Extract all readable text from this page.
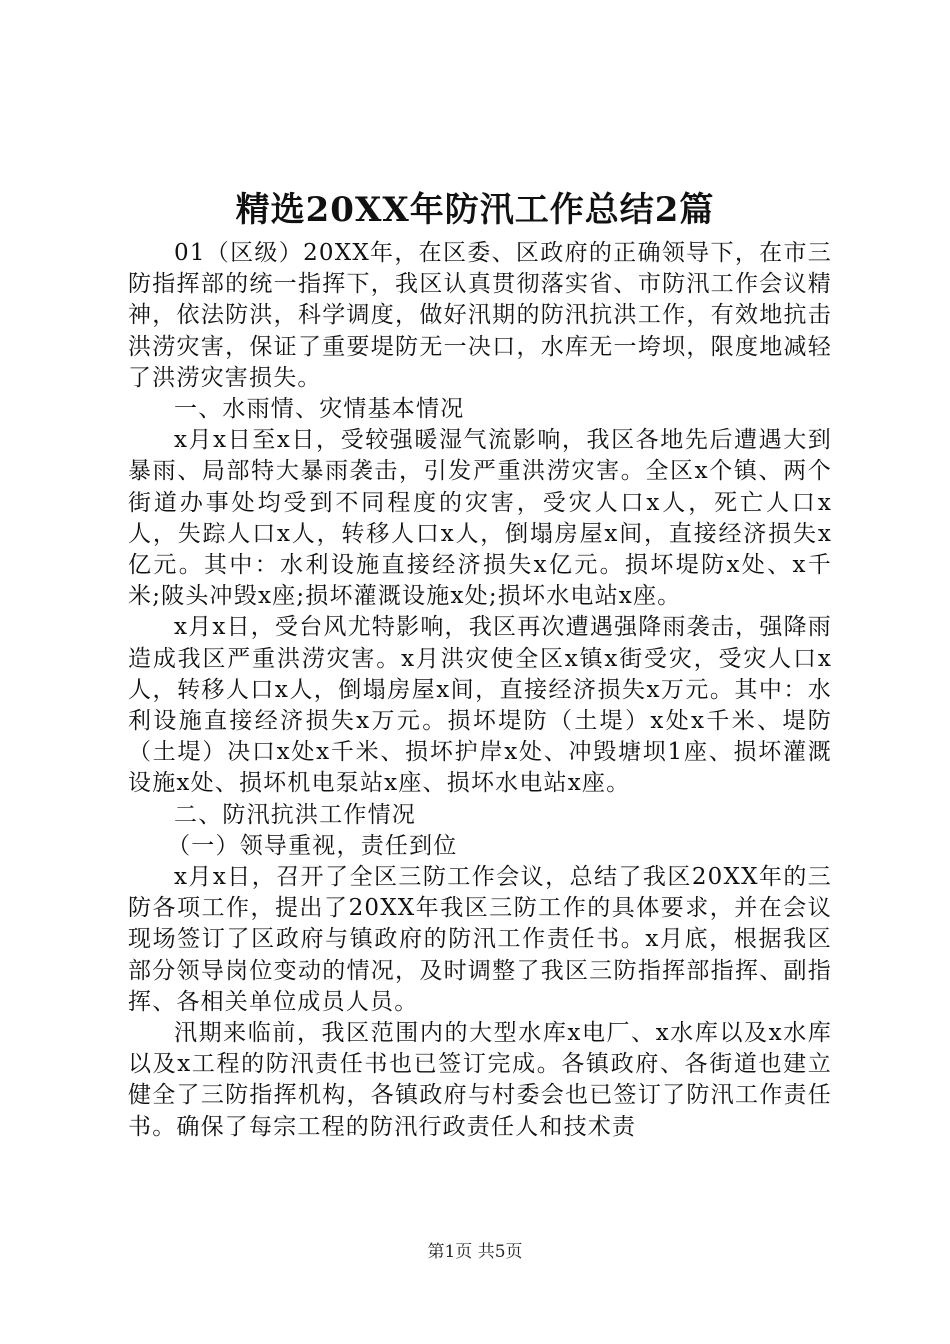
精选20XX年防汛工作总结2篇

01（区级）20XX年，在区委、区政府的正确领导下，在市三防指挥部的统一指挥下，我区认真贯彻落实省、市防汛工作会议精神，依法防洪，科学调度，做好汛期的防汛抗洪工作，有效地抗击洪涝灾害，保证了重要堤防无一决口，水库无一垮坝，限度地减轻了洪涝灾害损失。

一、水雨情、灾情基本情况

x月x日至x日，受较强暖湿气流影响，我区各地先后遭遇大到暴雨、局部特大暴雨袭击，引发严重洪涝灾害。全区x个镇、两个街道办事处均受到不同程度的灾害，受灾人口x人，死亡人口x人，失踪人口x人，转移人口x人，倒塌房屋x间，直接经济损失x亿元。其中：水利设施直接经济损失x亿元。损坏堤防x处、x千米;陂头冲毁x座;损坏灌溉设施x处;损坏水电站x座。

x月x日，受台风尤特影响，我区再次遭遇强降雨袭击，强降雨造成我区严重洪涝灾害。x月洪灾使全区x镇x街受灾，受灾人口x人，转移人口x人，倒塌房屋x间，直接经济损失x万元。其中：水利设施直接经济损失x万元。损坏堤防（土堤）x处x千米、堤防（土堤）决口x处x千米、损坏护岸x处、冲毁塘坝1座、损坏灌溉设施x处、损坏机电泵站x座、损坏水电站x座。

二、防汛抗洪工作情况

（一）领导重视，责任到位

x月x日，召开了全区三防工作会议，总结了我区20XX年的三防各项工作，提出了20XX年我区三防工作的具体要求，并在会议现场签订了区政府与镇政府的防汛工作责任书。x月底，根据我区部分领导岗位变动的情况，及时调整了我区三防指挥部指挥、副指挥、各相关单位成员人员。

汛期来临前，我区范围内的大型水库x电厂、x水库以及x水库以及x工程的防汛责任书也已签订完成。各镇政府、各街道也建立健全了三防指挥机构，各镇政府与村委会也已签订了防汛工作责任书。确保了每宗工程的防汛行政责任人和技术责

第1页 共5页
